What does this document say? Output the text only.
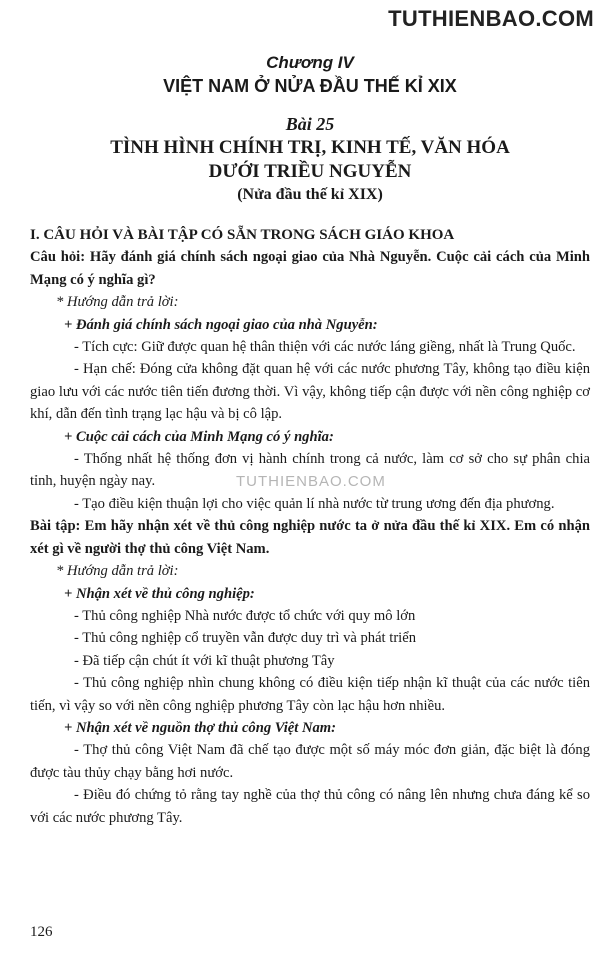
TUTHIENBAO.COM
TUTHIENBAO.COM
Chương IV
VIỆT NAM Ở NỬA ĐẦU THẾ KỈ XIX
Bài 25
TÌNH HÌNH CHÍNH TRỊ, KINH TẾ, VĂN HÓA
DƯỚI TRIỀU NGUYỄN
(Nửa đầu thế kỉ XIX)
I. CÂU HỎI VÀ BÀI TẬP CÓ SẴN TRONG SÁCH GIÁO KHOA
Câu hỏi: Hãy đánh giá chính sách ngoại giao của Nhà Nguyễn. Cuộc cải cách của Minh Mạng có ý nghĩa gì?
* Hướng dẫn trả lời:
+ Đánh giá chính sách ngoại giao của nhà Nguyễn:
- Tích cực: Giữ được quan hệ thân thiện với các nước láng giềng, nhất là Trung Quốc.
- Hạn chế: Đóng cửa không đặt quan hệ với các nước phương Tây, không tạo điều kiện giao lưu với các nước tiên tiến đương thời. Vì vậy, không tiếp cận được với nền công nghiệp cơ khí, dẫn đến tình trạng lạc hậu và bị cô lập.
+ Cuộc cải cách của Minh Mạng có ý nghĩa:
- Thống nhất hệ thống đơn vị hành chính trong cả nước, làm cơ sở cho sự phân chia tỉnh, huyện ngày nay.
- Tạo điều kiện thuận lợi cho việc quản lí nhà nước từ trung ương đến địa phương.
Bài tập: Em hãy nhận xét về thủ công nghiệp nước ta ở nửa đầu thế kỉ XIX. Em có nhận xét gì về người thợ thủ công Việt Nam.
* Hướng dẫn trả lời:
+ Nhận xét về thủ công nghiệp:
- Thủ công nghiệp Nhà nước được tổ chức với quy mô lớn
- Thủ công nghiệp cổ truyền vẫn được duy trì và phát triển
- Đã tiếp cận chút ít với kĩ thuật phương Tây
- Thủ công nghiệp nhìn chung không có điều kiện tiếp nhận kĩ thuật của các nước tiên tiến, vì vậy so với nền công nghiệp phương Tây còn lạc hậu hơn nhiều.
+ Nhận xét về nguồn thợ thủ công Việt Nam:
- Thợ thủ công Việt Nam đã chế tạo được một số máy móc đơn giản, đặc biệt là đóng được tàu thủy chạy bằng hơi nước.
- Điều đó chứng tỏ rằng tay nghề của thợ thủ công có nâng lên nhưng chưa đáng kể so với các nước phương Tây.
126
